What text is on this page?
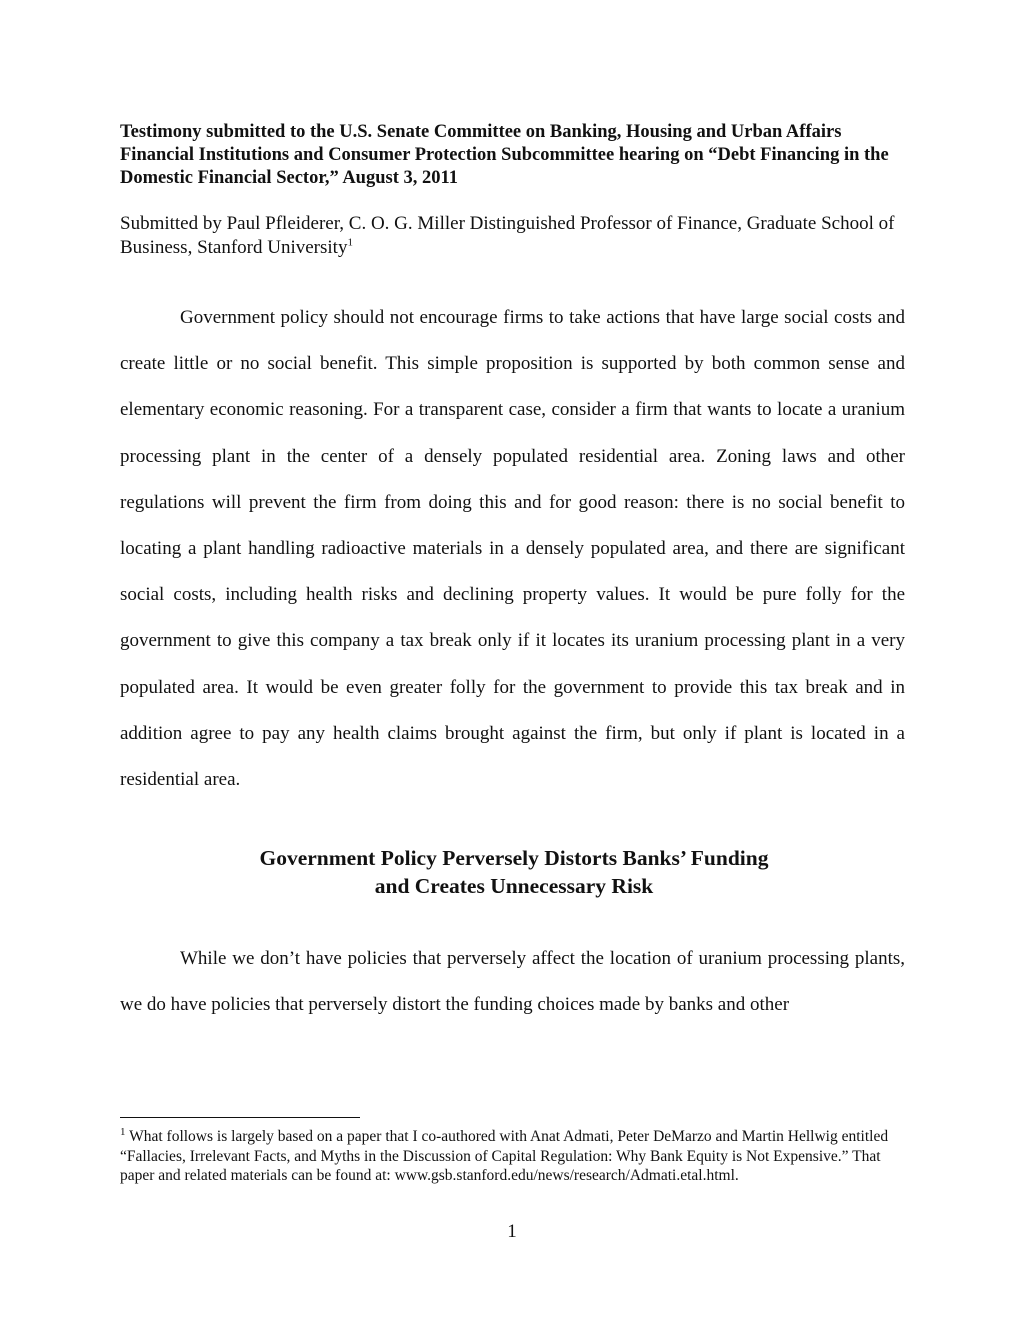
Testimony submitted to the U.S. Senate Committee on Banking, Housing and Urban Affairs Financial Institutions and Consumer Protection Subcommittee hearing on “Debt Financing in the Domestic Financial Sector,” August 3, 2011

Submitted by Paul Pfleiderer, C. O. G. Miller Distinguished Professor of Finance, Graduate School of Business, Stanford University$^1$

Government policy should not encourage firms to take actions that have large social costs and create little or no social benefit. This simple proposition is supported by both common sense and elementary economic reasoning. For a transparent case, consider a firm that wants to locate a uranium processing plant in the center of a densely populated residential area. Zoning laws and other regulations will prevent the firm from doing this and for good reason: there is no social benefit to locating a plant handling radioactive materials in a densely populated area, and there are significant social costs, including health risks and declining property values. It would be pure folly for the government to give this company a tax break only if it locates its uranium processing plant in a very populated area. It would be even greater folly for the government to provide this tax break and in addition agree to pay any health claims brought against the firm, but only if plant is located in a residential area.

Government Policy Perversely Distorts Banks’ Funding
and Creates Unnecessary Risk

While we don’t have policies that perversely affect the location of uranium processing plants, we do have policies that perversely distort the funding choices made by banks and other

$^1$ What follows is largely based on a paper that I co-authored with Anat Admati, Peter DeMarzo and Martin Hellwig entitled “Fallacies, Irrelevant Facts, and Myths in the Discussion of Capital Regulation: Why Bank Equity is Not Expensive.” That paper and related materials can be found at: www.gsb.stanford.edu/news/research/Admati.etal.html.

1
